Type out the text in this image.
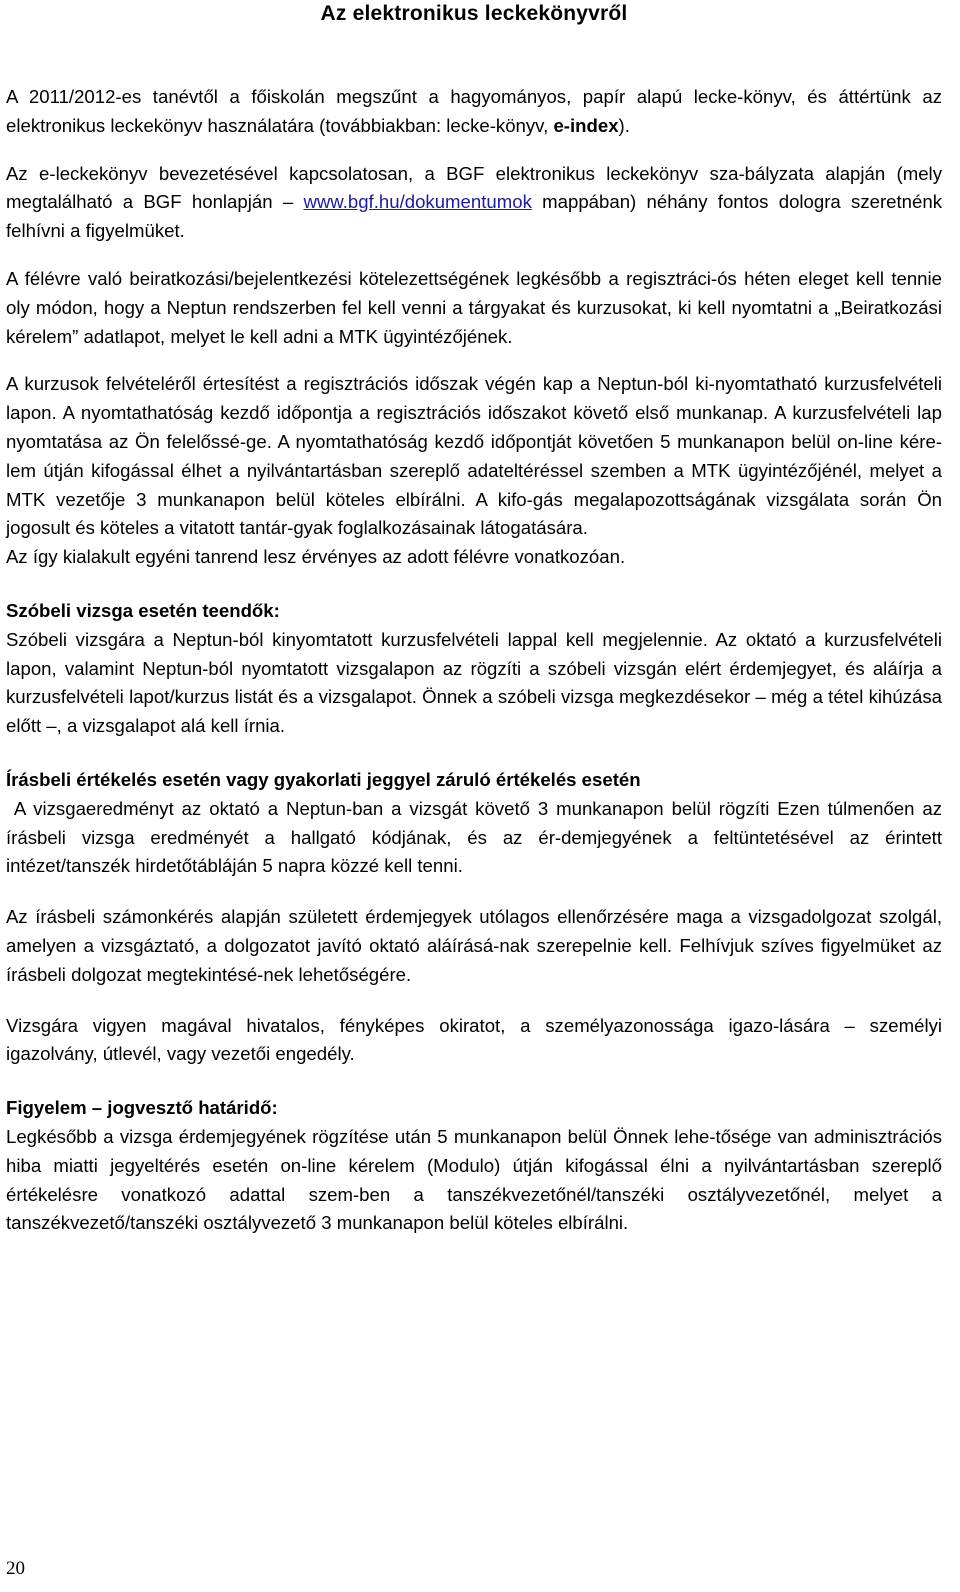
Az elektronikus leckekönyvről

A 2011/2012-es tanévtől a főiskolán megszűnt a hagyományos, papír alapú lecke-könyv, és áttértünk az elektronikus leckekönyv használatára (továbbiakban: lecke-könyv, e-index).

Az e-leckekönyv bevezetésével kapcsolatosan, a BGF elektronikus leckekönyv sza-bályzata alapján (mely megtalálható a BGF honlapján – www.bgf.hu/dokumentumok mappában) néhány fontos dologra szeretnénk felhívni a figyelmüket.

A félévre való beiratkozási/bejelentkezési kötelezettségének legkésőbb a regisztráci-ós héten eleget kell tennie oly módon, hogy a Neptun rendszerben fel kell venni a tárgyakat és kurzusokat, ki kell nyomtatni a „Beiratkozási kérelem” adatlapot, melyet le kell adni a MTK ügyintézőjének.

A kurzusok felvételéről értesítést a regisztrációs időszak végén kap a Neptun-ból ki-nyomtatható kurzusfelvételi lapon. A nyomtathatóság kezdő időpontja a regisztrációs időszakot követő első munkanap. A kurzusfelvételi lap nyomtatása az Ön felelőssé-ge. A nyomtathatóság kezdő időpontját követően 5 munkanapon belül on-line kére-lem útján kifogással élhet a nyilvántartásban szereplő adateltéréssel szemben a MTK ügyintézőjénél, melyet a MTK vezetője 3 munkanapon belül köteles elbírálni. A kifo-gás megalapozottságának vizsgálata során Ön jogosult és köteles a vitatott tantár-gyak foglalkozásainak látogatására.

Az így kialakult egyéni tanrend lesz érvényes az adott félévre vonatkozóan.

Szóbeli vizsga esetén teendők:

Szóbeli vizsgára a Neptun-ból kinyomtatott kurzusfelvételi lappal kell megjelennie. Az oktató a kurzusfelvételi lapon, valamint Neptun-ból nyomtatott vizsgalapon az rögzíti a szóbeli vizsgán elért érdemjegyet, és aláírja a kurzusfelvételi lapot/kurzus listát és a vizsgalapot. Önnek a szóbeli vizsga megkezdésekor – még a tétel kihúzása előtt –, a vizsgalapot alá kell írnia.

Írásbeli értékelés esetén vagy gyakorlati jeggyel záruló értékelés esetén

A vizsgaeredményt az oktató a Neptun-ban a vizsgát követő 3 munkanapon belül rögzíti Ezen túlmenően az írásbeli vizsga eredményét a hallgató kódjának, és az ér-demjegyének a feltüntetésével az érintett intézet/tanszék hirdetőtábláján 5 napra közzé kell tenni.

Az írásbeli számonkérés alapján született érdemjegyek utólagos ellenőrzésére maga a vizsgadolgozat szolgál, amelyen a vizsgáztató, a dolgozatot javító oktató aláírásá-nak szerepelnie kell. Felhívjuk szíves figyelmüket az írásbeli dolgozat megtekintésé-nek lehetőségére.

Vizsgára vigyen magával hivatalos, fényképes okiratot, a személyazonossága igazo-lására – személyi igazolvány, útlevél, vagy vezetői engedély.

Figyelem – jogvesztő határidő:

Legkésőbb a vizsga érdemjegyének rögzítése után 5 munkanapon belül Önnek lehe-tősége van adminisztrációs hiba miatti jegyeltérés esetén on-line kérelem (Modulo) útján kifogással élni a nyilvántartásban szereplő értékelésre vonatkozó adattal szem-ben a tanszékvezetőnél/tanszéki osztályvezetőnél, melyet a tanszékvezető/tanszéki osztályvezető 3 munkanapon belül köteles elbírálni.

20
